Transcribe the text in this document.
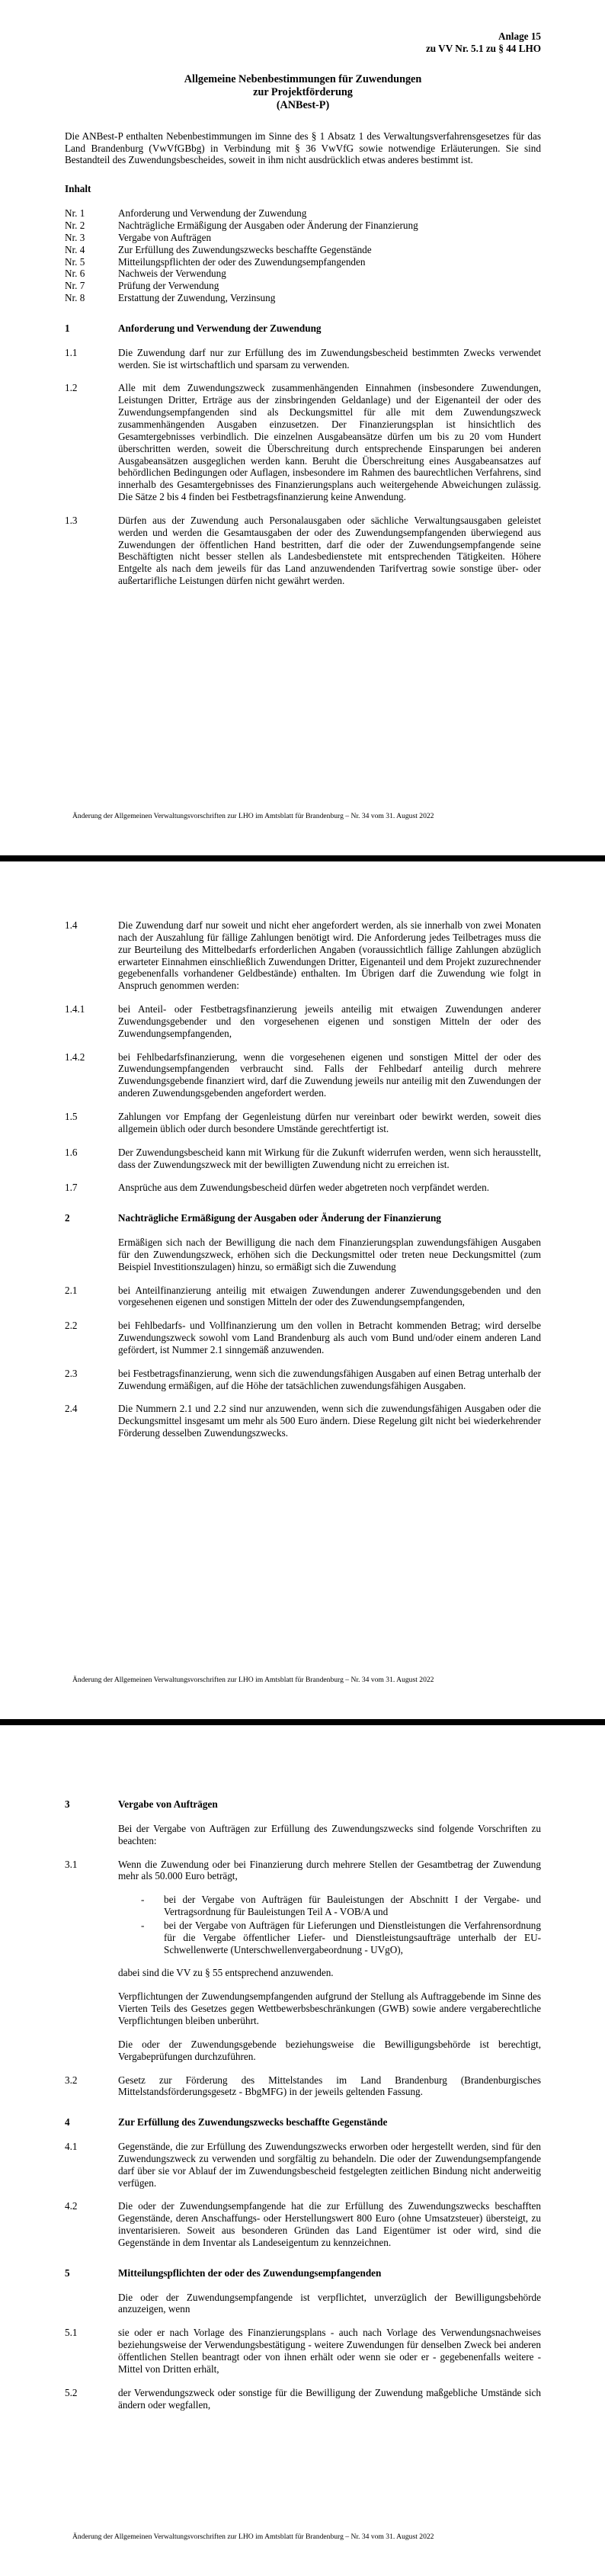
Anlage 15
zu VV Nr. 5.1 zu § 44 LHO
Allgemeine Nebenbestimmungen für Zuwendungen
zur Projektförderung
(ANBest-P)
Die ANBest-P enthalten Nebenbestimmungen im Sinne des § 1 Absatz 1 des Verwaltungsverfahrensgesetzes für das Land Brandenburg (VwVfGBbg) in Verbindung mit § 36 VwVfG sowie notwendige Erläuterungen. Sie sind Bestandteil des Zuwendungsbescheides, soweit in ihm nicht ausdrücklich etwas anderes bestimmt ist.
Inhalt
Nr. 1	Anforderung und Verwendung der Zuwendung
Nr. 2	Nachträgliche Ermäßigung der Ausgaben oder Änderung der Finanzierung
Nr. 3	Vergabe von Aufträgen
Nr. 4	Zur Erfüllung des Zuwendungszwecks beschaffte Gegenstände
Nr. 5	Mitteilungspflichten der oder des Zuwendungsempfangenden
Nr. 6	Nachweis der Verwendung
Nr. 7	Prüfung der Verwendung
Nr. 8	Erstattung der Zuwendung, Verzinsung
1	Anforderung und Verwendung der Zuwendung
1.1	Die Zuwendung darf nur zur Erfüllung des im Zuwendungsbescheid bestimmten Zwecks verwendet werden. Sie ist wirtschaftlich und sparsam zu verwenden.
1.2	Alle mit dem Zuwendungszweck zusammenhängenden Einnahmen (insbesondere Zuwendungen, Leistungen Dritter, Erträge aus der zinsbringenden Geldanlage) und der Eigenanteil der oder des Zuwendungsempfangenden sind als Deckungsmittel für alle mit dem Zuwendungszweck zusammenhängenden Ausgaben einzusetzen. Der Finanzierungsplan ist hinsichtlich des Gesamtergebnisses verbindlich. Die einzelnen Ausgabeansätze dürfen um bis zu 20 vom Hundert überschritten werden, soweit die Überschreitung durch entsprechende Einsparungen bei anderen Ausgabeansätzen ausgeglichen werden kann. Beruht die Überschreitung eines Ausgabeansatzes auf behördlichen Bedingungen oder Auflagen, insbesondere im Rahmen des baurechtlichen Verfahrens, sind innerhalb des Gesamtergebnisses des Finanzierungsplans auch weitergehende Abweichungen zulässig. Die Sätze 2 bis 4 finden bei Festbetragsfinanzierung keine Anwendung.
1.3	Dürfen aus der Zuwendung auch Personalausgaben oder sächliche Verwaltungsausgaben geleistet werden und werden die Gesamtausgaben der oder des Zuwendungsempfangenden überwiegend aus Zuwendungen der öffentlichen Hand bestritten, darf die oder der Zuwendungsempfangende seine Beschäftigten nicht besser stellen als Landesbedienstete mit entsprechenden Tätigkeiten. Höhere Entgelte als nach dem jeweils für das Land anzuwendenden Tarifvertrag sowie sonstige über- oder außertarifliche Leistungen dürfen nicht gewährt werden.
Änderung der Allgemeinen Verwaltungsvorschriften zur LHO im Amtsblatt für Brandenburg – Nr. 34 vom 31. August 2022
1.4	Die Zuwendung darf nur soweit und nicht eher angefordert werden, als sie innerhalb von zwei Monaten nach der Auszahlung für fällige Zahlungen benötigt wird. Die Anforderung jedes Teilbetrages muss die zur Beurteilung des Mittelbedarfs erforderlichen Angaben (voraussichtlich fällige Zahlungen abzüglich erwarteter Einnahmen einschließlich Zuwendungen Dritter, Eigenanteil und dem Projekt zuzurechnender gegebenenfalls vorhandener Geldbestände) enthalten. Im Übrigen darf die Zuwendung wie folgt in Anspruch genommen werden:
1.4.1	bei Anteil- oder Festbetragsfinanzierung jeweils anteilig mit etwaigen Zuwendungen anderer Zuwendungsgebender und den vorgesehenen eigenen und sonstigen Mitteln der oder des Zuwendungsempfangenden,
1.4.2	bei Fehlbedarfsfinanzierung, wenn die vorgesehenen eigenen und sonstigen Mittel der oder des Zuwendungsempfangenden verbraucht sind. Falls der Fehlbedarf anteilig durch mehrere Zuwendungsgebende finanziert wird, darf die Zuwendung jeweils nur anteilig mit den Zuwendungen der anderen Zuwendungsgebenden angefordert werden.
1.5	Zahlungen vor Empfang der Gegenleistung dürfen nur vereinbart oder bewirkt werden, soweit dies allgemein üblich oder durch besondere Umstände gerechtfertigt ist.
1.6	Der Zuwendungsbescheid kann mit Wirkung für die Zukunft widerrufen werden, wenn sich herausstellt, dass der Zuwendungszweck mit der bewilligten Zuwendung nicht zu erreichen ist.
1.7	Ansprüche aus dem Zuwendungsbescheid dürfen weder abgetreten noch verpfändet werden.
2	Nachträgliche Ermäßigung der Ausgaben oder Änderung der Finanzierung
Ermäßigen sich nach der Bewilligung die nach dem Finanzierungsplan zuwendungsfähigen Ausgaben für den Zuwendungszweck, erhöhen sich die Deckungsmittel oder treten neue Deckungsmittel (zum Beispiel Investitionszulagen) hinzu, so ermäßigt sich die Zuwendung
2.1	bei Anteilfinanzierung anteilig mit etwaigen Zuwendungen anderer Zuwendungsgebenden und den vorgesehenen eigenen und sonstigen Mitteln der oder des Zuwendungsempfangenden,
2.2	bei Fehlbedarfs- und Vollfinanzierung um den vollen in Betracht kommenden Betrag; wird derselbe Zuwendungszweck sowohl vom Land Brandenburg als auch vom Bund und/oder einem anderen Land gefördert, ist Nummer 2.1 sinngemäß anzuwenden.
2.3	bei Festbetragsfinanzierung, wenn sich die zuwendungsfähigen Ausgaben auf einen Betrag unterhalb der Zuwendung ermäßigen, auf die Höhe der tatsächlichen zuwendungsfähigen Ausgaben.
2.4	Die Nummern 2.1 und 2.2 sind nur anzuwenden, wenn sich die zuwendungsfähigen Ausgaben oder die Deckungsmittel insgesamt um mehr als 500 Euro ändern. Diese Regelung gilt nicht bei wiederkehrender Förderung desselben Zuwendungszwecks.
Änderung der Allgemeinen Verwaltungsvorschriften zur LHO im Amtsblatt für Brandenburg – Nr. 34 vom 31. August 2022
3	Vergabe von Aufträgen
Bei der Vergabe von Aufträgen zur Erfüllung des Zuwendungszwecks sind folgende Vorschriften zu beachten:
3.1	Wenn die Zuwendung oder bei Finanzierung durch mehrere Stellen der Gesamtbetrag der Zuwendung mehr als 50.000 Euro beträgt,
- bei der Vergabe von Aufträgen für Bauleistungen der Abschnitt I der Vergabe- und Vertragsordnung für Bauleistungen Teil A - VOB/A und
- bei der Vergabe von Aufträgen für Lieferungen und Dienstleistungen die Verfahrensordnung für die Vergabe öffentlicher Liefer- und Dienstleistungsaufträge unterhalb der EU-Schwellenwerte (Unterschwellenvergabeordnung - UVgO),
dabei sind die VV zu § 55 entsprechend anzuwenden.
Verpflichtungen der Zuwendungsempfangenden aufgrund der Stellung als Auftraggebende im Sinne des Vierten Teils des Gesetzes gegen Wettbewerbsbeschränkungen (GWB) sowie andere vergaberechtliche Verpflichtungen bleiben unberührt.
Die oder der Zuwendungsgebende beziehungsweise die Bewilligungsbehörde ist berechtigt, Vergabeprüfungen durchzuführen.
3.2	Gesetz zur Förderung des Mittelstandes im Land Brandenburg (Brandenburgisches Mittelstandsförderungsgesetz - BbgMFG) in der jeweils geltenden Fassung.
4	Zur Erfüllung des Zuwendungszwecks beschaffte Gegenstände
4.1	Gegenstände, die zur Erfüllung des Zuwendungszwecks erworben oder hergestellt werden, sind für den Zuwendungszweck zu verwenden und sorgfältig zu behandeln. Die oder der Zuwendungsempfangende darf über sie vor Ablauf der im Zuwendungsbescheid festgelegten zeitlichen Bindung nicht anderweitig verfügen.
4.2	Die oder der Zuwendungsempfangende hat die zur Erfüllung des Zuwendungszwecks beschafften Gegenstände, deren Anschaffungs- oder Herstellungswert 800 Euro (ohne Umsatzsteuer) übersteigt, zu inventarisieren. Soweit aus besonderen Gründen das Land Eigentümer ist oder wird, sind die Gegenstände in dem Inventar als Landeseigentum zu kennzeichnen.
5	Mitteilungspflichten der oder des Zuwendungsempfangenden
Die oder der Zuwendungsempfangende ist verpflichtet, unverzüglich der Bewilligungsbehörde anzuzeigen, wenn
5.1	sie oder er nach Vorlage des Finanzierungsplans - auch nach Vorlage des Verwendungsnachweises beziehungsweise der Verwendungsbestätigung - weitere Zuwendungen für denselben Zweck bei anderen öffentlichen Stellen beantragt oder von ihnen erhält oder wenn sie oder er - gegebenenfalls weitere - Mittel von Dritten erhält,
5.2	der Verwendungszweck oder sonstige für die Bewilligung der Zuwendung maßgebliche Umstände sich ändern oder wegfallen,
Änderung der Allgemeinen Verwaltungsvorschriften zur LHO im Amtsblatt für Brandenburg – Nr. 34 vom 31. August 2022
